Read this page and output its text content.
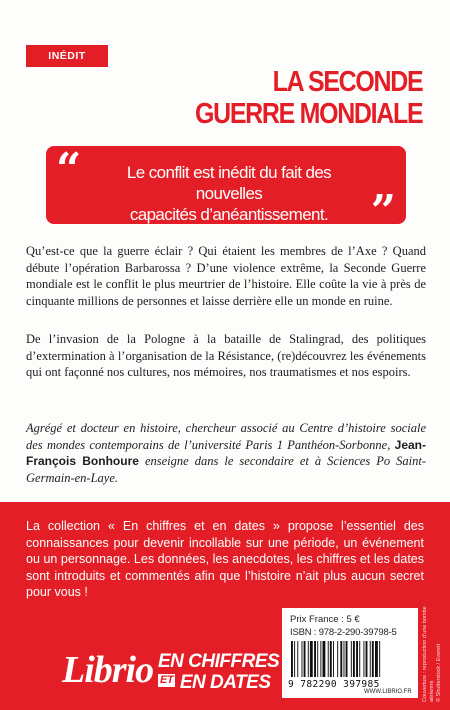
INÉDIT
LA SECONDE
GUERRE MONDIALE
“	Le conflit est inédit du fait des nouvelles
capacités d’anéantissement. ”

Qu’est-ce que la guerre éclair ? Qui étaient les membres de l’Axe ? Quand débute l’opération Barbarossa ? D’une violence extrême, la Seconde Guerre mondiale est le conflit le plus meurtrier de l’histoire. Elle coûte la vie à près de cinquante millions de personnes et laisse derrière elle un monde en ruine.

De l’invasion de la Pologne à la bataille de Stalingrad, des politiques d’extermination à l’organisation de la Résistance, (re)découvrez les événements qui ont façonné nos cultures, nos mémoires, nos traumatismes et nos espoirs.

Agrégé et docteur en histoire, chercheur associé au Centre d’histoire sociale des mondes contemporains de l’université Paris 1 Panthéon-Sorbonne, Jean-François Bonhoure enseigne dans le secondaire et à Sciences Po Saint-Germain-en-Laye.

La collection « En chiffres et en dates » propose l’essentiel des connaissances pour devenir incollable sur une période, un événement ou un personnage. Les données, les anecdotes, les chiffres et les dates sont introduits et commentés afin que l’histoire n’ait plus aucun secret pour vous !

Prix France : 5 €
ISBN : 978-2-290-39798-5
9 782290 397985
WWW.LIBRIO.FR
Librio EN CHIFFRES
ET EN DATES	Couverture : reproduction d’une bombe aérienne © Shutterstock / Everett
